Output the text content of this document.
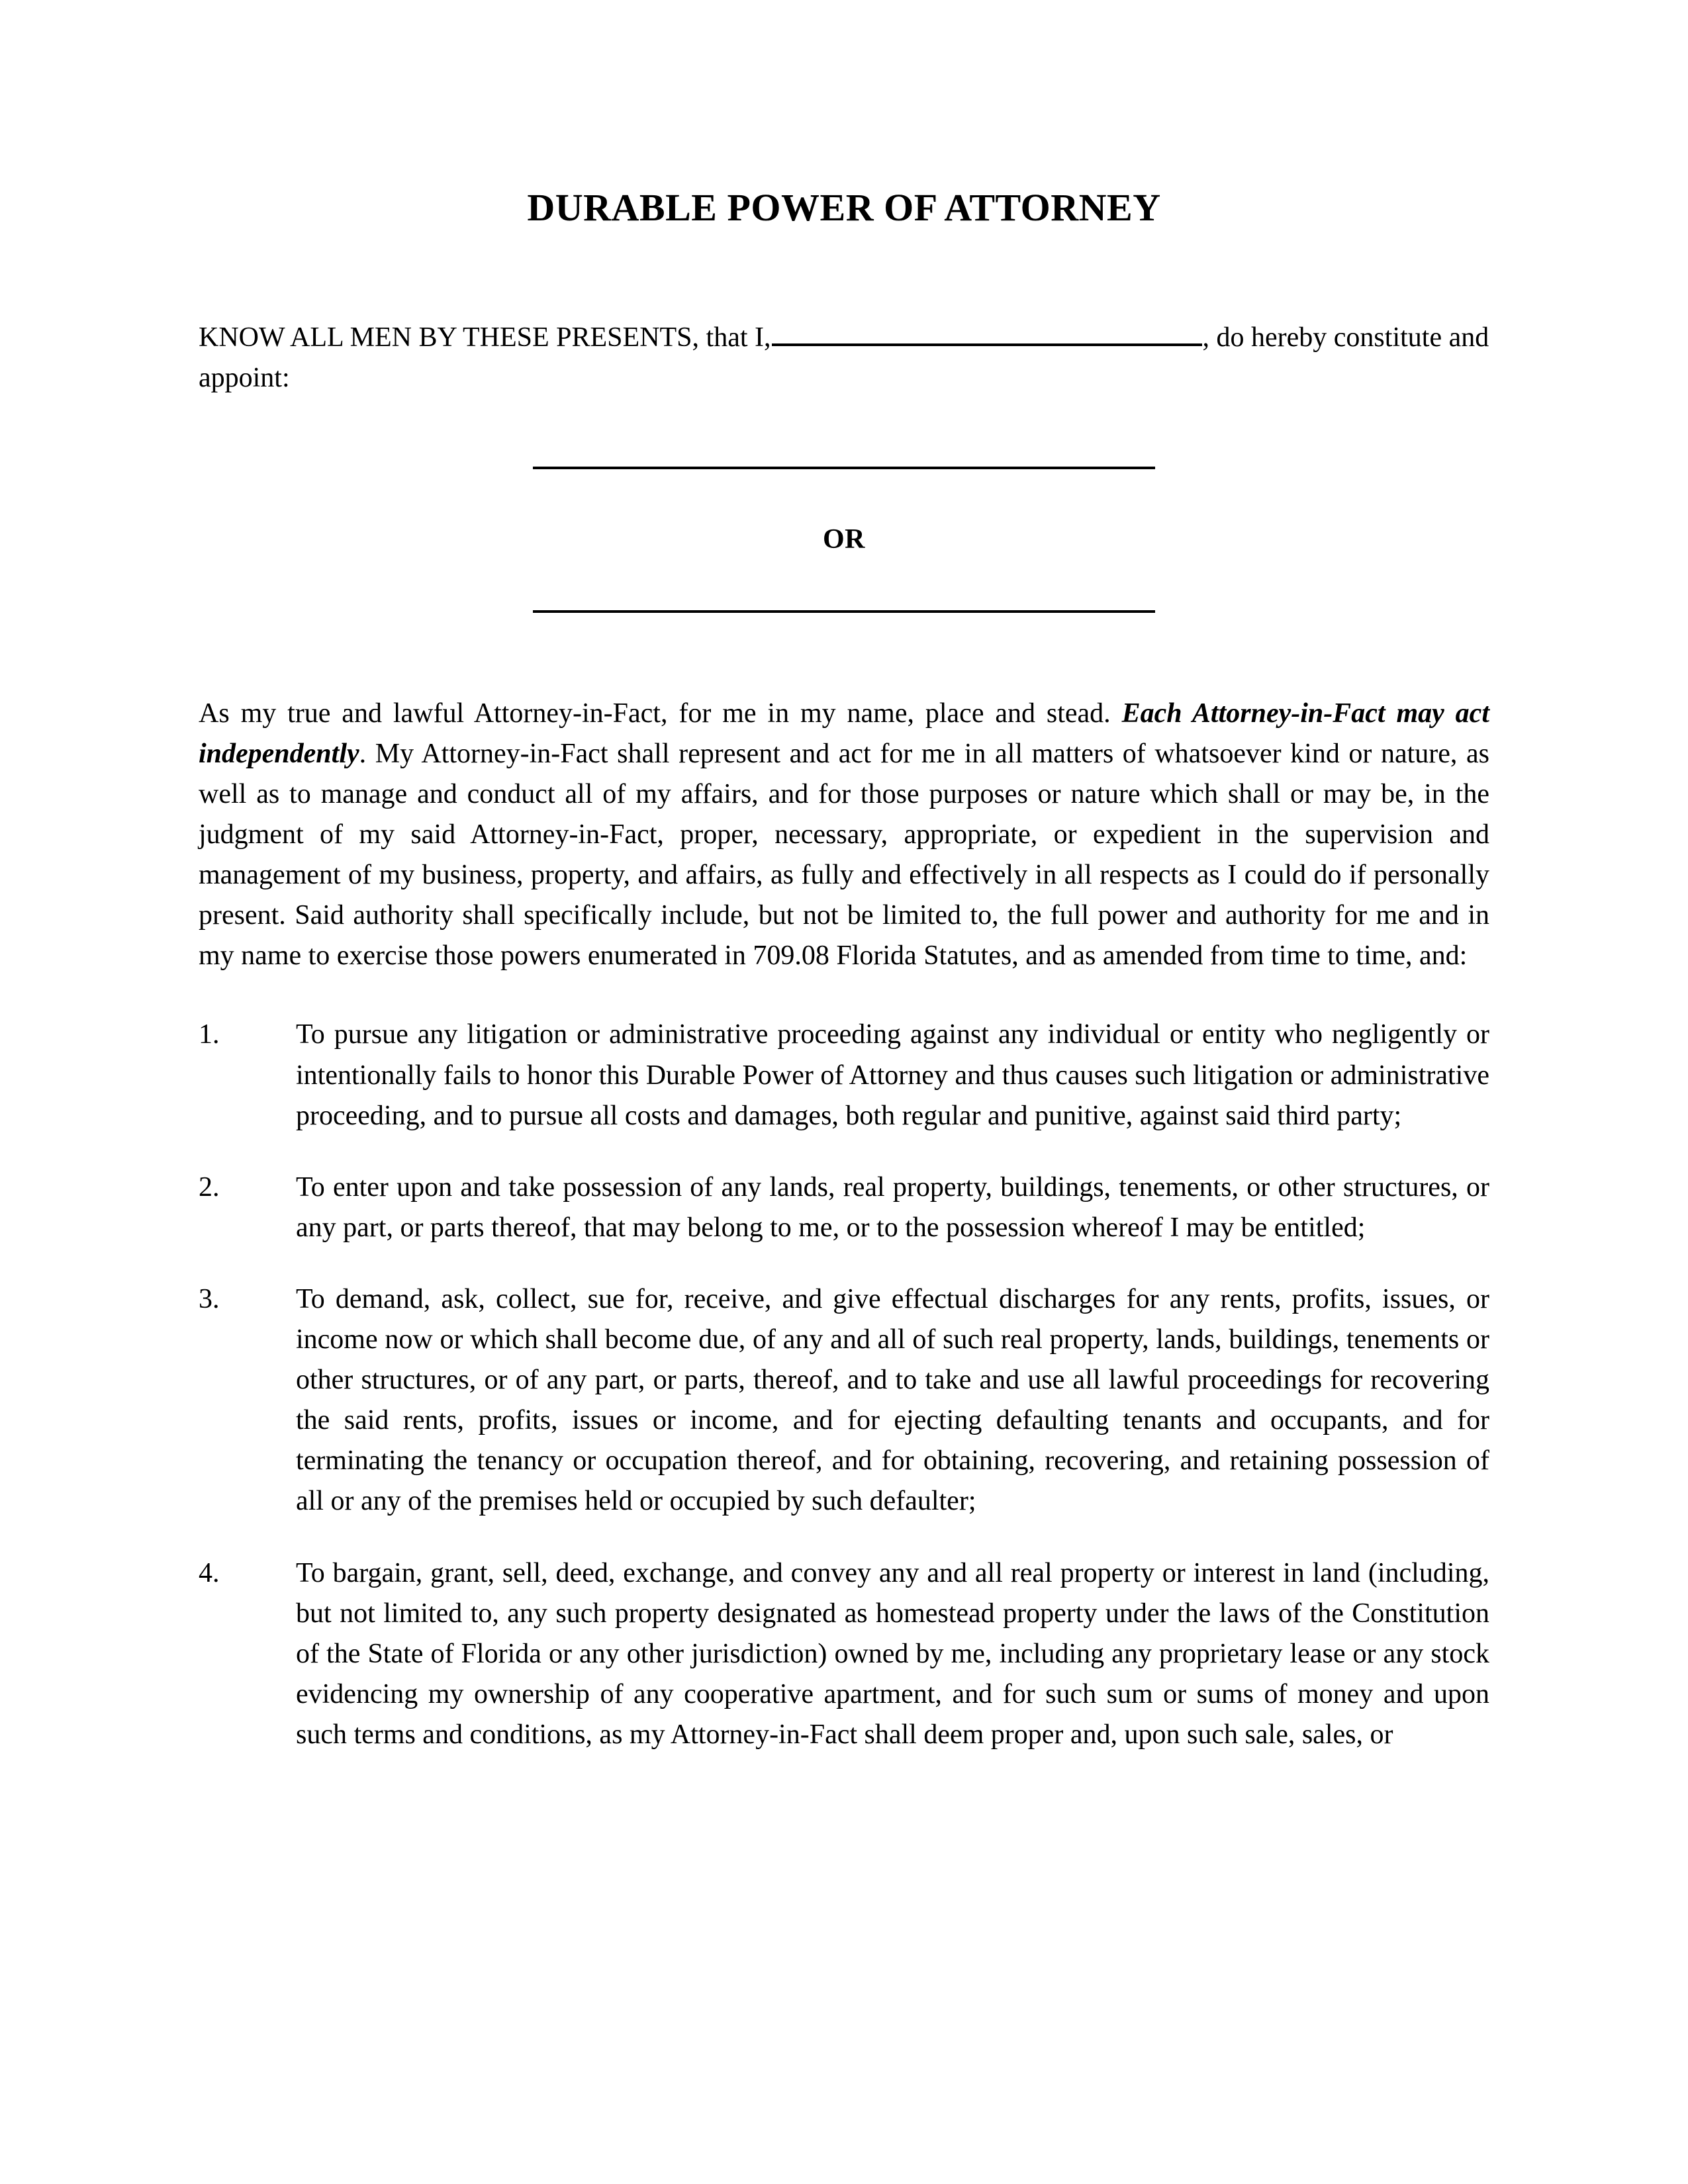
DURABLE POWER OF ATTORNEY

KNOW ALL MEN BY THESE PRESENTS, that I,	, do hereby constitute and appoint:

OR

As my true and lawful Attorney-in-Fact, for me in my name, place and stead. Each Attorney-in-Fact may act independently. My Attorney-in-Fact shall represent and act for me in all matters of whatsoever kind or nature, as well as to manage and conduct all of my affairs, and for those purposes or nature which shall or may be, in the judgment of my said Attorney-in-Fact, proper, necessary, appropriate, or expedient in the supervision and management of my business, property, and affairs, as fully and effectively in all respects as I could do if personally present. Said authority shall specifically include, but not be limited to, the full power and authority for me and in my name to exercise those powers enumerated in 709.08 Florida Statutes, and as amended from time to time, and:

1.	To pursue any litigation or administrative proceeding against any individual or entity who negligently or intentionally fails to honor this Durable Power of Attorney and thus causes such litigation or administrative proceeding, and to pursue all costs and damages, both regular and punitive, against said third party;
2.	To enter upon and take possession of any lands, real property, buildings, tenements, or other structures, or any part, or parts thereof, that may belong to me, or to the possession whereof I may be entitled;
3.	To demand, ask, collect, sue for, receive, and give effectual discharges for any rents, profits, issues, or income now or which shall become due, of any and all of such real property, lands, buildings, tenements or other structures, or of any part, or parts, thereof, and to take and use all lawful proceedings for recovering the said rents, profits, issues or income, and for ejecting defaulting tenants and occupants, and for terminating the tenancy or occupation thereof, and for obtaining, recovering, and retaining possession of all or any of the premises held or occupied by such defaulter;
4.	To bargain, grant, sell, deed, exchange, and convey any and all real property or interest in land (including, but not limited to, any such property designated as homestead property under the laws of the Constitution of the State of Florida or any other jurisdiction) owned by me, including any proprietary lease or any stock evidencing my ownership of any cooperative apartment, and for such sum or sums of money and upon such terms and conditions, as my Attorney-in-Fact shall deem proper and, upon such sale, sales, or
